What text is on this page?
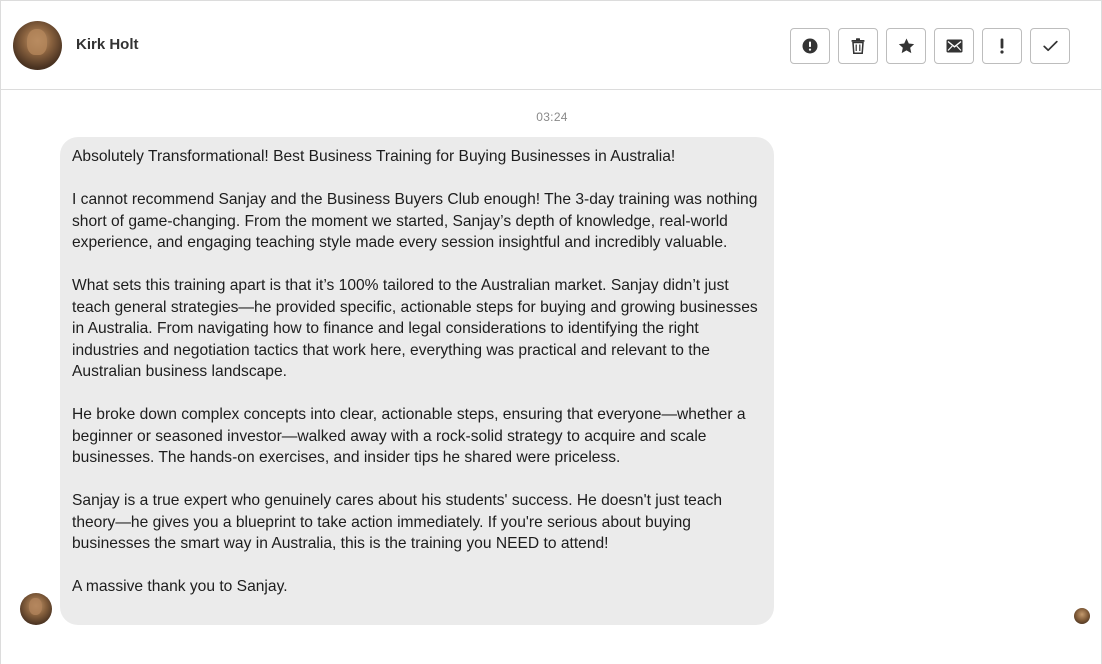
Kirk Holt
03:24

Absolutely Transformational! Best Business Training for Buying Businesses in Australia!

I cannot recommend Sanjay and the Business Buyers Club enough! The 3-day training was nothing short of game-changing. From the moment we started, Sanjay’s depth of knowledge, real-world experience, and engaging teaching style made every session insightful and incredibly valuable.

What sets this training apart is that it’s 100% tailored to the Australian market. Sanjay didn’t just teach general strategies—he provided specific, actionable steps for buying and growing businesses in Australia. From navigating how to finance and legal considerations to identifying the right industries and negotiation tactics that work here, everything was practical and relevant to the Australian business landscape.

He broke down complex concepts into clear, actionable steps, ensuring that everyone—whether a beginner or seasoned investor—walked away with a rock-solid strategy to acquire and scale businesses. The hands-on exercises, and insider tips he shared were priceless.

Sanjay is a true expert who genuinely cares about his students' success. He doesn't just teach theory—he gives you a blueprint to take action immediately. If you're serious about buying businesses the smart way in Australia, this is the training you NEED to attend!

A massive thank you to Sanjay.
